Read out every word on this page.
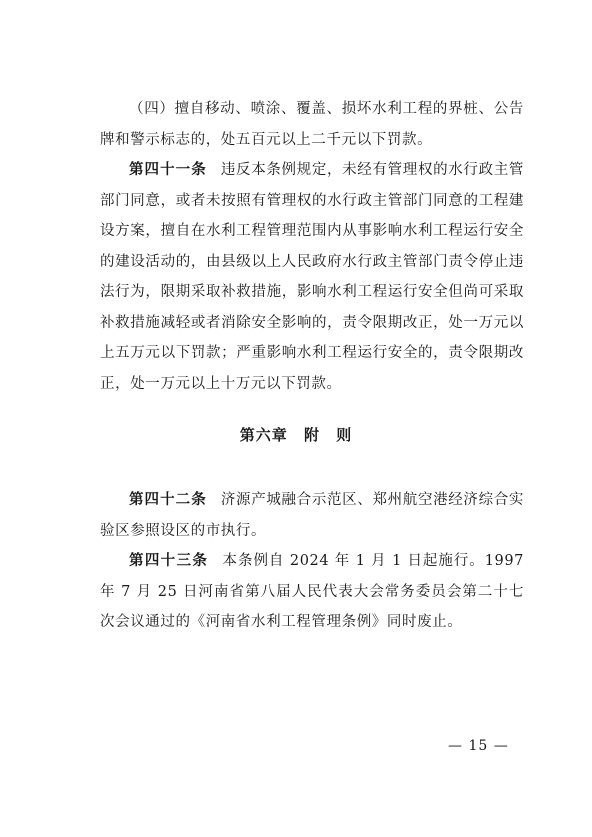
（四）擅自移动、喷涂、覆盖、损坏水利工程的界桩、公告牌和警示标志的，处五百元以上二千元以下罚款。

第四十一条 违反本条例规定，未经有管理权的水行政主管部门同意，或者未按照有管理权的水行政主管部门同意的工程建设方案，擅自在水利工程管理范围内从事影响水利工程运行安全的建设活动的，由县级以上人民政府水行政主管部门责令停止违法行为，限期采取补救措施，影响水利工程运行安全但尚可采取补救措施减轻或者消除安全影响的，责令限期改正，处一万元以上五万元以下罚款；严重影响水利工程运行安全的，责令限期改正，处一万元以上十万元以下罚款。

第六章 附 则

第四十二条 济源产城融合示范区、郑州航空港经济综合实验区参照设区的市执行。

第四十三条 本条例自 2024 年 1 月 1 日起施行。1997 年 7 月 25 日河南省第八届人民代表大会常务委员会第二十七次会议通过的《河南省水利工程管理条例》同时废止。

— 15 —
